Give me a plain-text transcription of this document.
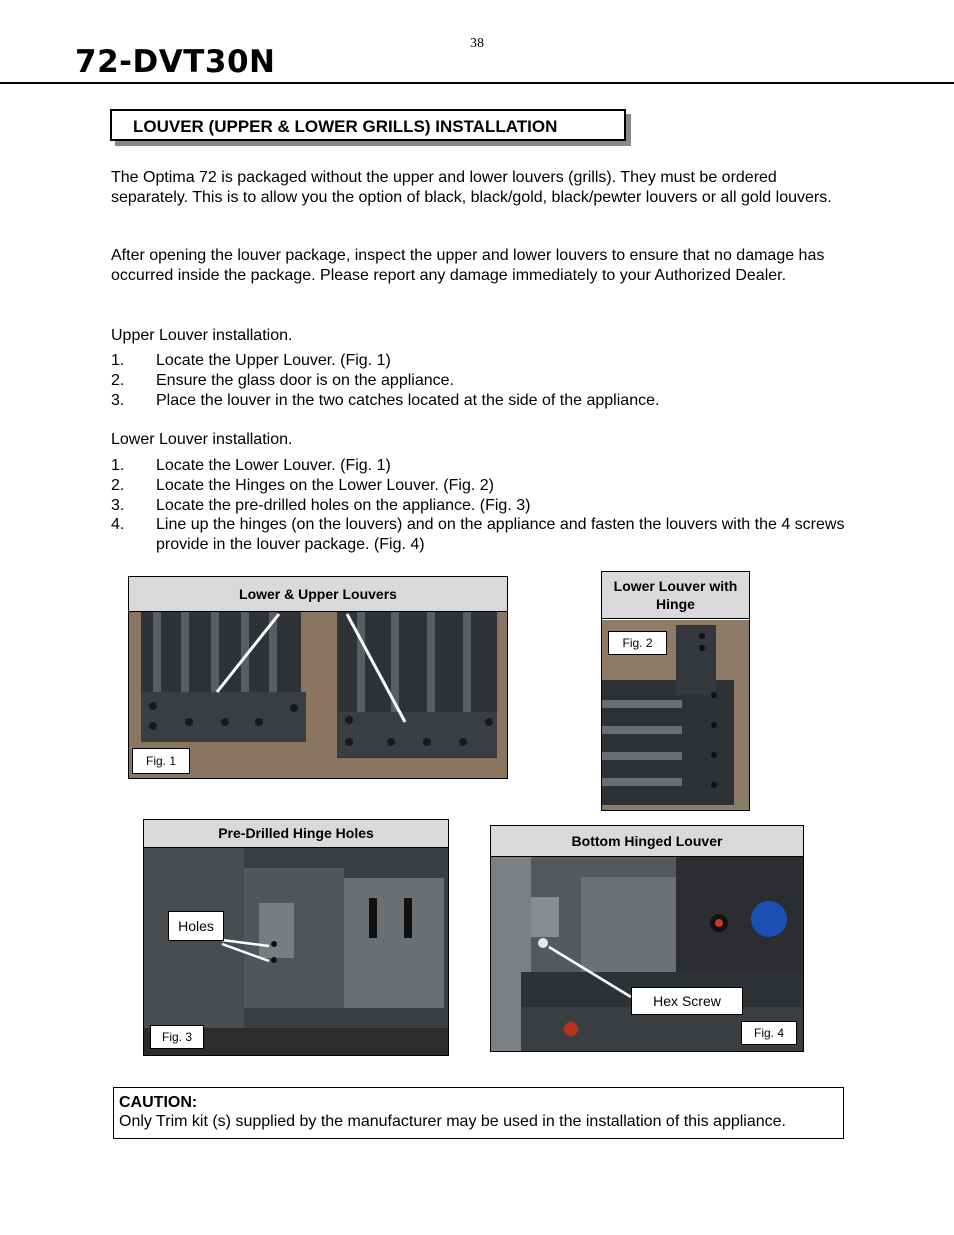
38
72-DVT30N
LOUVER (UPPER & LOWER GRILLS) INSTALLATION
The Optima 72 is packaged without the upper and lower louvers (grills). They must be ordered separately. This is to allow you the option of black, black/gold, black/pewter louvers or all gold louvers.
After opening the louver package, inspect the upper and lower louvers to ensure that no damage has occurred inside the package. Please report any damage immediately to your Authorized Dealer.
Upper Louver installation.
1. Locate the Upper Louver. (Fig. 1)
2. Ensure the glass door is on the appliance.
3. Place the louver in the two catches located at the side of the appliance.
Lower Louver installation.
1. Locate the Lower Louver. (Fig. 1)
2. Locate the Hinges on the Lower Louver. (Fig. 2)
3. Locate the pre-drilled holes on the appliance. (Fig. 3)
4. Line up the hinges (on the louvers) and on the appliance and fasten the louvers with the 4 screws provide in the louver package. (Fig. 4)
Lower & Upper Louvers
Fig. 1
Lower Louver with Hinge
Fig. 2
Pre-Drilled Hinge Holes
Holes
Fig. 3
Bottom Hinged Louver
Hex Screw
Fig. 4
CAUTION:
Only Trim kit (s) supplied by the manufacturer may be used in the installation of this appliance.
